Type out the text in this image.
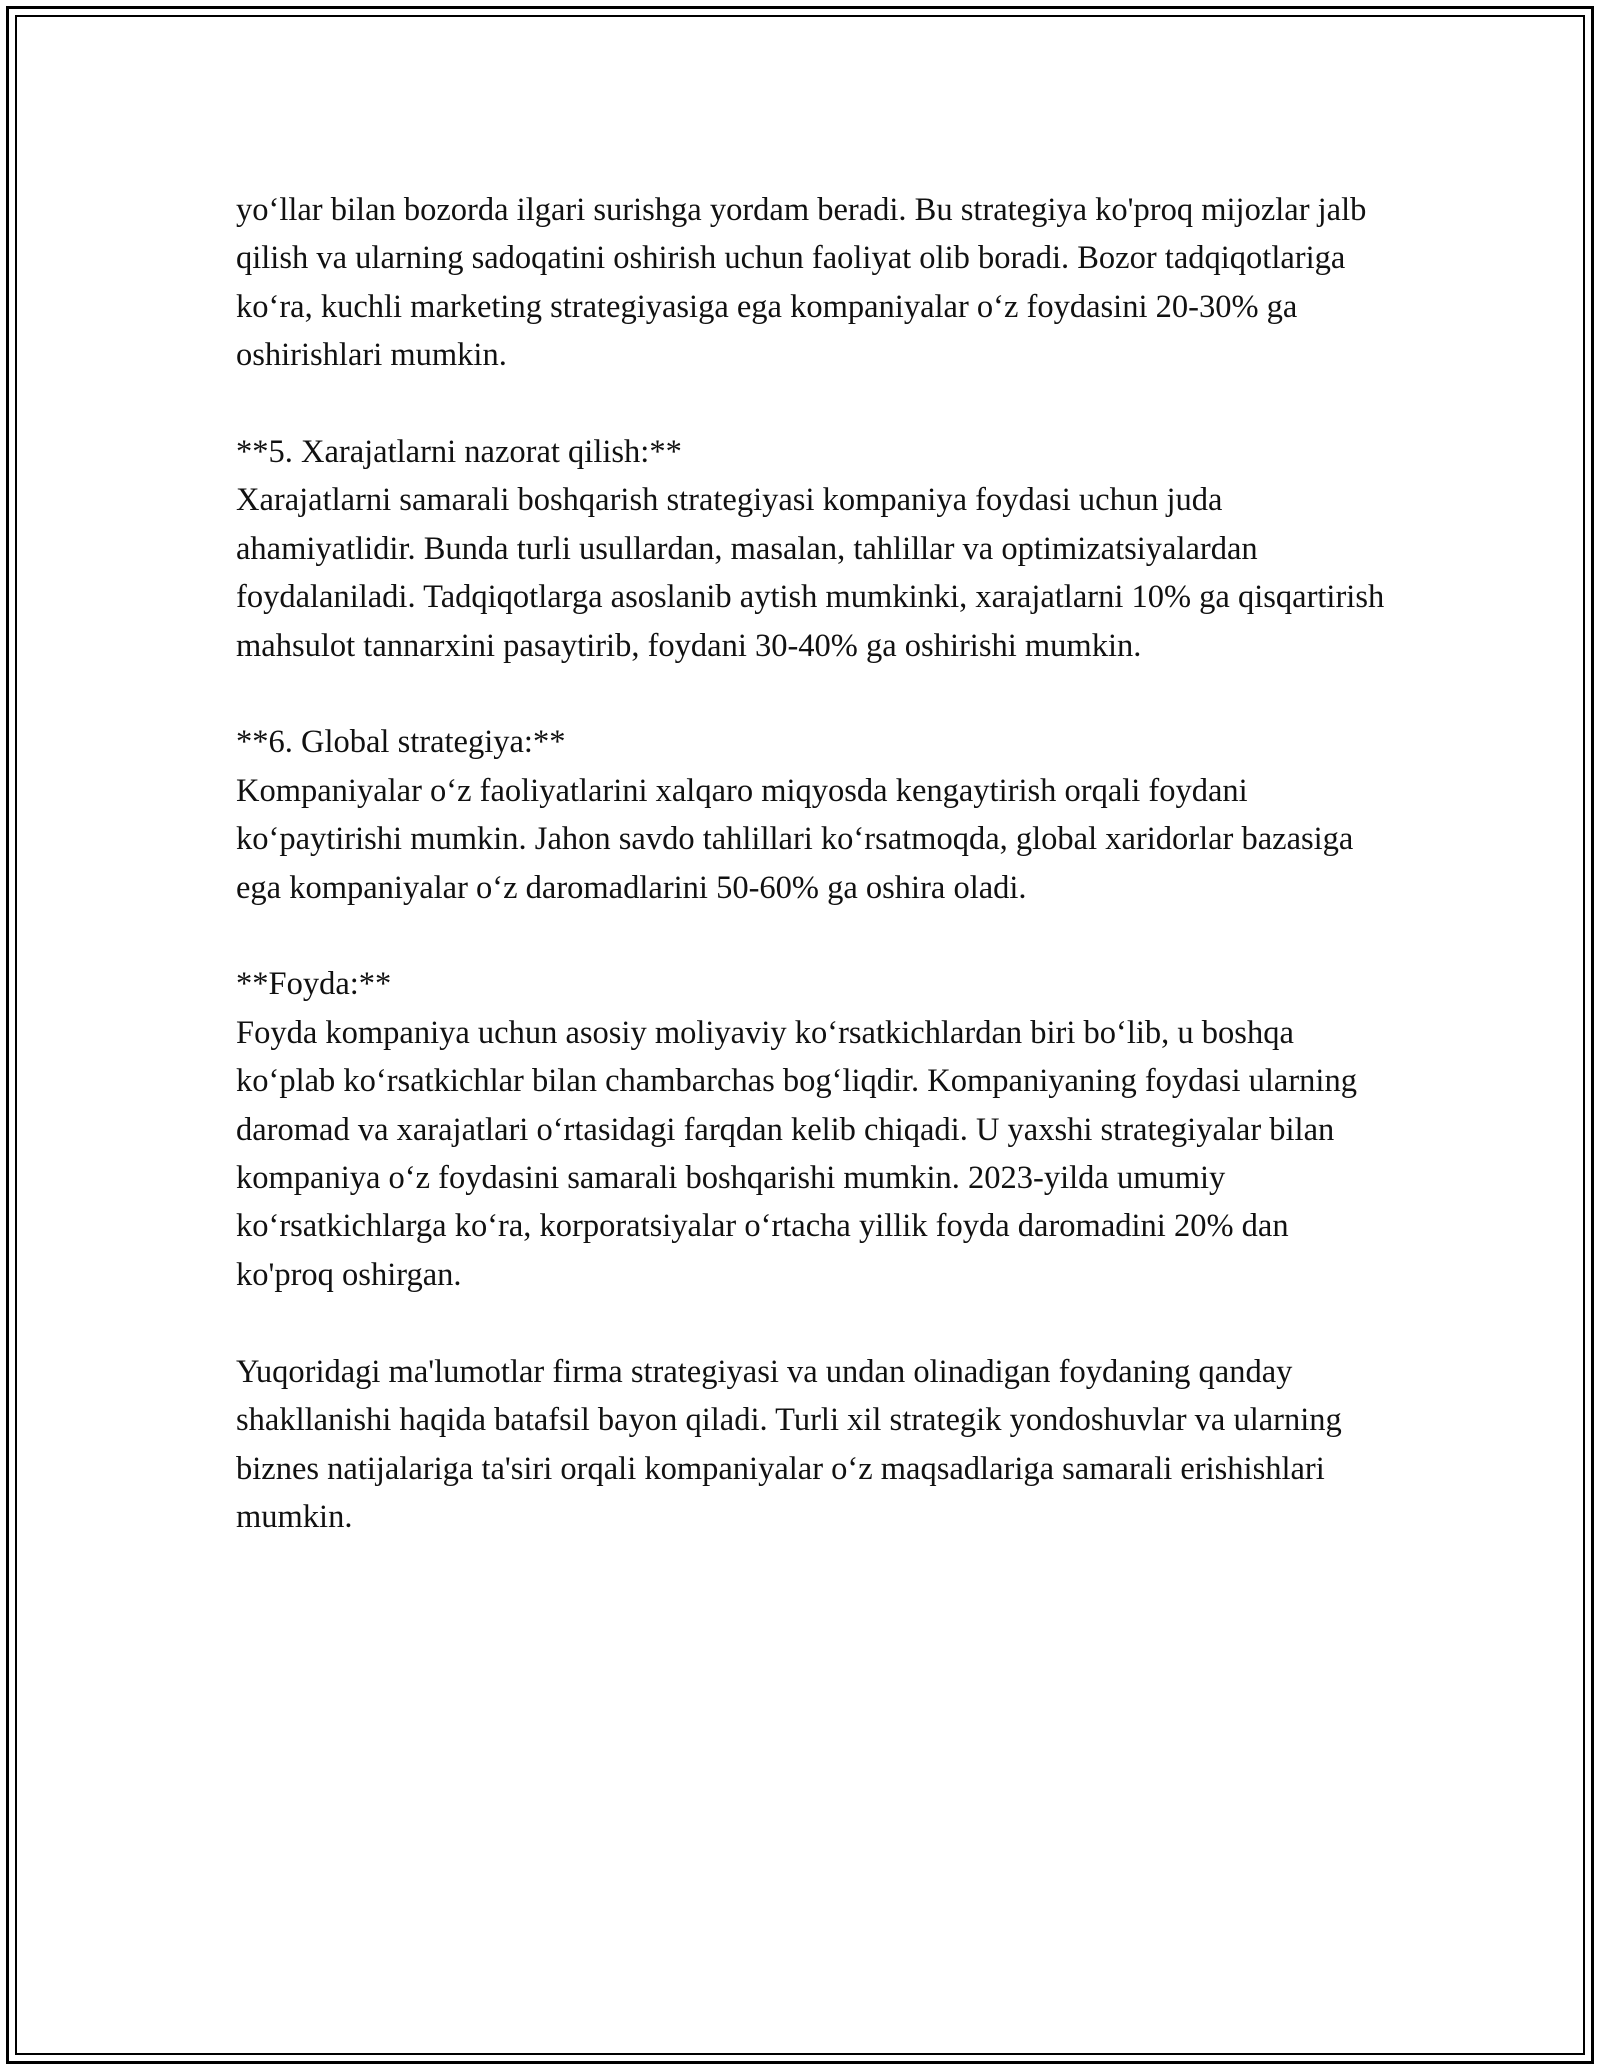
yo‘llar bilan bozorda ilgari surishga yordam beradi. Bu strategiya ko'proq mijozlar jalb qilish va ularning sadoqatini oshirish uchun faoliyat olib boradi. Bozor tadqiqotlariga ko‘ra, kuchli marketing strategiyasiga ega kompaniyalar o‘z foydasini 20-30% ga oshirishlari mumkin.

**5. Xarajatlarni nazorat qilish:**

Xarajatlarni samarali boshqarish strategiyasi kompaniya foydasi uchun juda ahamiyatlidir. Bunda turli usullardan, masalan, tahlillar va optimizatsiyalardan foydalaniladi. Tadqiqotlarga asoslanib aytish mumkinki, xarajatlarni 10% ga qisqartirish mahsulot tannarxini pasaytirib, foydani 30-40% ga oshirishi mumkin.

**6. Global strategiya:**

Kompaniyalar o‘z faoliyatlarini xalqaro miqyosda kengaytirish orqali foydani ko‘paytirishi mumkin. Jahon savdo tahlillari ko‘rsatmoqda, global xaridorlar bazasiga ega kompaniyalar o‘z daromadlarini 50-60% ga oshira oladi.

**Foyda:**

Foyda kompaniya uchun asosiy moliyaviy ko‘rsatkichlardan biri bo‘lib, u boshqa ko‘plab ko‘rsatkichlar bilan chambarchas bog‘liqdir. Kompaniyaning foydasi ularning daromad va xarajatlari o‘rtasidagi farqdan kelib chiqadi. U yaxshi strategiyalar bilan kompaniya o‘z foydasini samarali boshqarishi mumkin. 2023-yilda umumiy ko‘rsatkichlarga ko‘ra, korporatsiyalar o‘rtacha yillik foyda daromadini 20% dan ko'proq oshirgan.

Yuqoridagi ma'lumotlar firma strategiyasi va undan olinadigan foydaning qanday shakllanishi haqida batafsil bayon qiladi. Turli xil strategik yondoshuvlar va ularning biznes natijalariga ta'siri orqali kompaniyalar o‘z maqsadlariga samarali erishishlari mumkin.
